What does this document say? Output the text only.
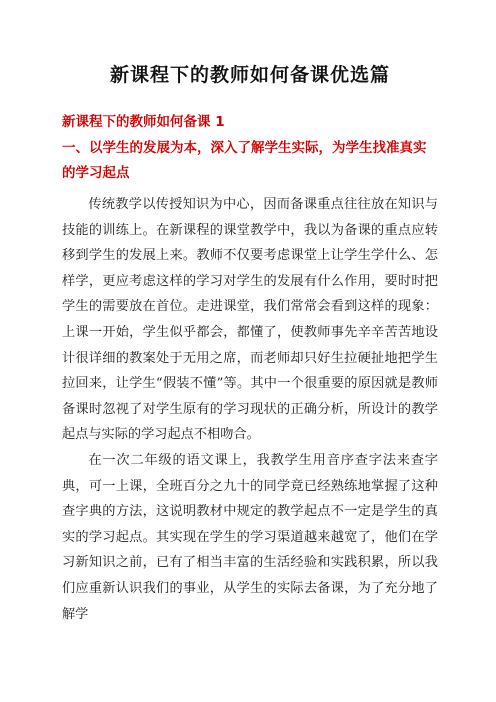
新课程下的教师如何备课优选篇
新课程下的教师如何备课 1
一、以学生的发展为本，深入了解学生实际，为学生找准真实的学习起点

传统教学以传授知识为中心，因而备课重点往往放在知识与技能的训练上。在新课程的课堂教学中，我以为备课的重点应转移到学生的发展上来。教师不仅要考虑课堂上让学生学什么、怎样学，更应考虑这样的学习对学生的发展有什么作用，要时时把学生的需要放在首位。走进课堂，我们常常会看到这样的现象：上课一开始，学生似乎都会，都懂了，使教师事先辛辛苦苦地设计很详细的教案处于无用之席，而老师却只好生拉硬扯地把学生拉回来，让学生“假装不懂”等。其中一个很重要的原因就是教师备课时忽视了对学生原有的学习现状的正确分析，所设计的教学起点与实际的学习起点不相吻合。

在一次二年级的语文课上，我教学生用音序查字法来查字典，可一上课，全班百分之九十的同学竟已经熟练地掌握了这种查字典的方法，这说明教材中规定的教学起点不一定是学生的真实的学习起点。其实现在学生的学习渠道越来越宽了，他们在学习新知识之前，已有了相当丰富的生活经验和实践积累，所以我们应重新认识我们的事业，从学生的实际去备课，为了充分地了解学
